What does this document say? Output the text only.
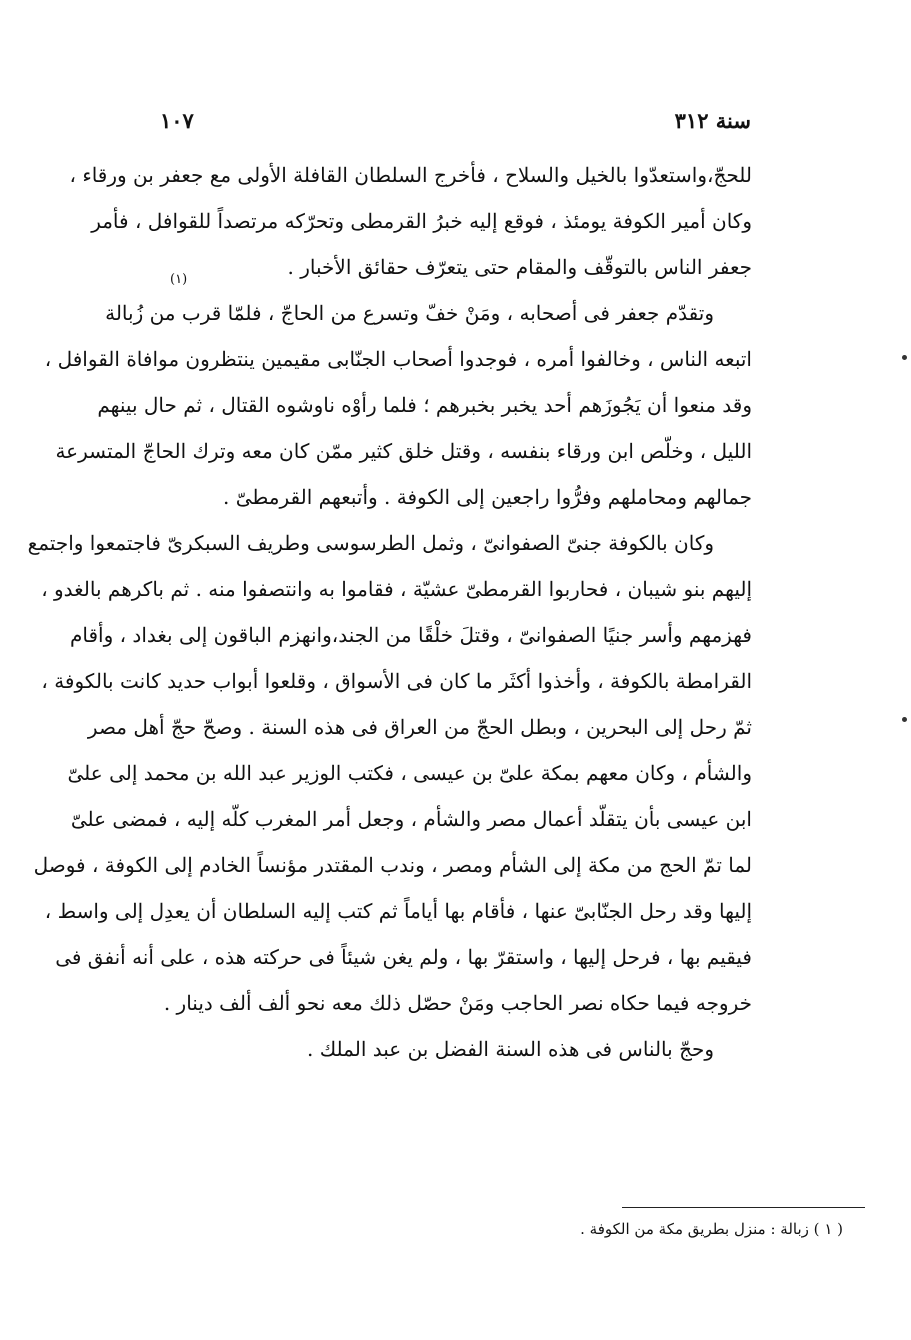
سنة ٣١٢
١٠٧
للحجّ،واستعدّوا بالخيل والسلاح ، فأخرج السلطان القافلة الأولى مع جعفر بن ورقاء ،
وكان أمير الكوفة يومئذ ، فوقع إليه خبرُ القرمطى وتحرّكه مرتصداً للقوافل ، فأمر
جعفر الناس بالتوقّف والمقام حتى يتعرّف حقائق الأخبار .
وتقدّم جعفر فى أصحابه ، ومَنْ خفّ وتسرع من الحاجّ ، فلمّا قرب من زُبالة
اتبعه الناس ، وخالفوا أمره ، فوجدوا أصحاب الجنّابى مقيمين ينتظرون موافاة القوافل ،
وقد منعوا أن يَجُوزَهم أحد يخبر بخبرهم ؛ فلما رأوْه ناوشوه القتال ، ثم حال بينهم
الليل ، وخلّص ابن ورقاء بنفسه ، وقتل خلق كثير ممّن كان معه وترك الحاجّ المتسرعة
جمالهم ومحاملهم وفرُّوا راجعين إلى الكوفة . وأتبعهم القرمطىّ .
وكان بالكوفة جنىّ الصفوانىّ ، وثمل الطرسوسى وطريف السبكرىّ فاجتمعوا واجتمع
إليهم بنو شيبان ، فحاربوا القرمطىّ عشيّة ، فقاموا به وانتصفوا منه . ثم باكرهم بالغدو ،
فهزمهم وأسر جنيًا الصفوانىّ ، وقتلَ خلْقًا من الجند،وانهزم الباقون إلى بغداد ، وأقام
القرامطة بالكوفة ، وأخذوا أكثَر ما كان فى الأسواق ، وقلعوا أبواب حديد كانت بالكوفة ،
ثمّ رحل إلى البحرين ، وبطل الحجّ من العراق فى هذه السنة . وصحّ حجّ أهل مصر
والشأم ، وكان معهم بمكة علىّ بن عيسى ، فكتب الوزير عبد الله بن محمد إلى علىّ
ابن عيسى بأن يتقلّد أعمال مصر والشأم ، وجعل أمر المغرب كلّه إليه ، فمضى علىّ
لما تمّ الحج من مكة إلى الشأم ومصر ، وندب المقتدر مؤنساً الخادم إلى الكوفة ، فوصل
إليها وقد رحل الجنّابىّ عنها ، فأقام بها أياماً ثم كتب إليه السلطان أن يعدِل إلى واسط ،
فيقيم بها ، فرحل إليها ، واستقرّ بها ، ولم يغن شيئاً فى حركته هذه ، على أنه أنفق فى
خروجه فيما حكاه نصر الحاجب ومَنْ حصّل ذلك معه نحو ألف ألف دينار .
وحجّ بالناس فى هذه السنة الفضل بن عبد الملك .
(١)
( ١ ) زبالة : منزل بطريق مكة من الكوفة .
